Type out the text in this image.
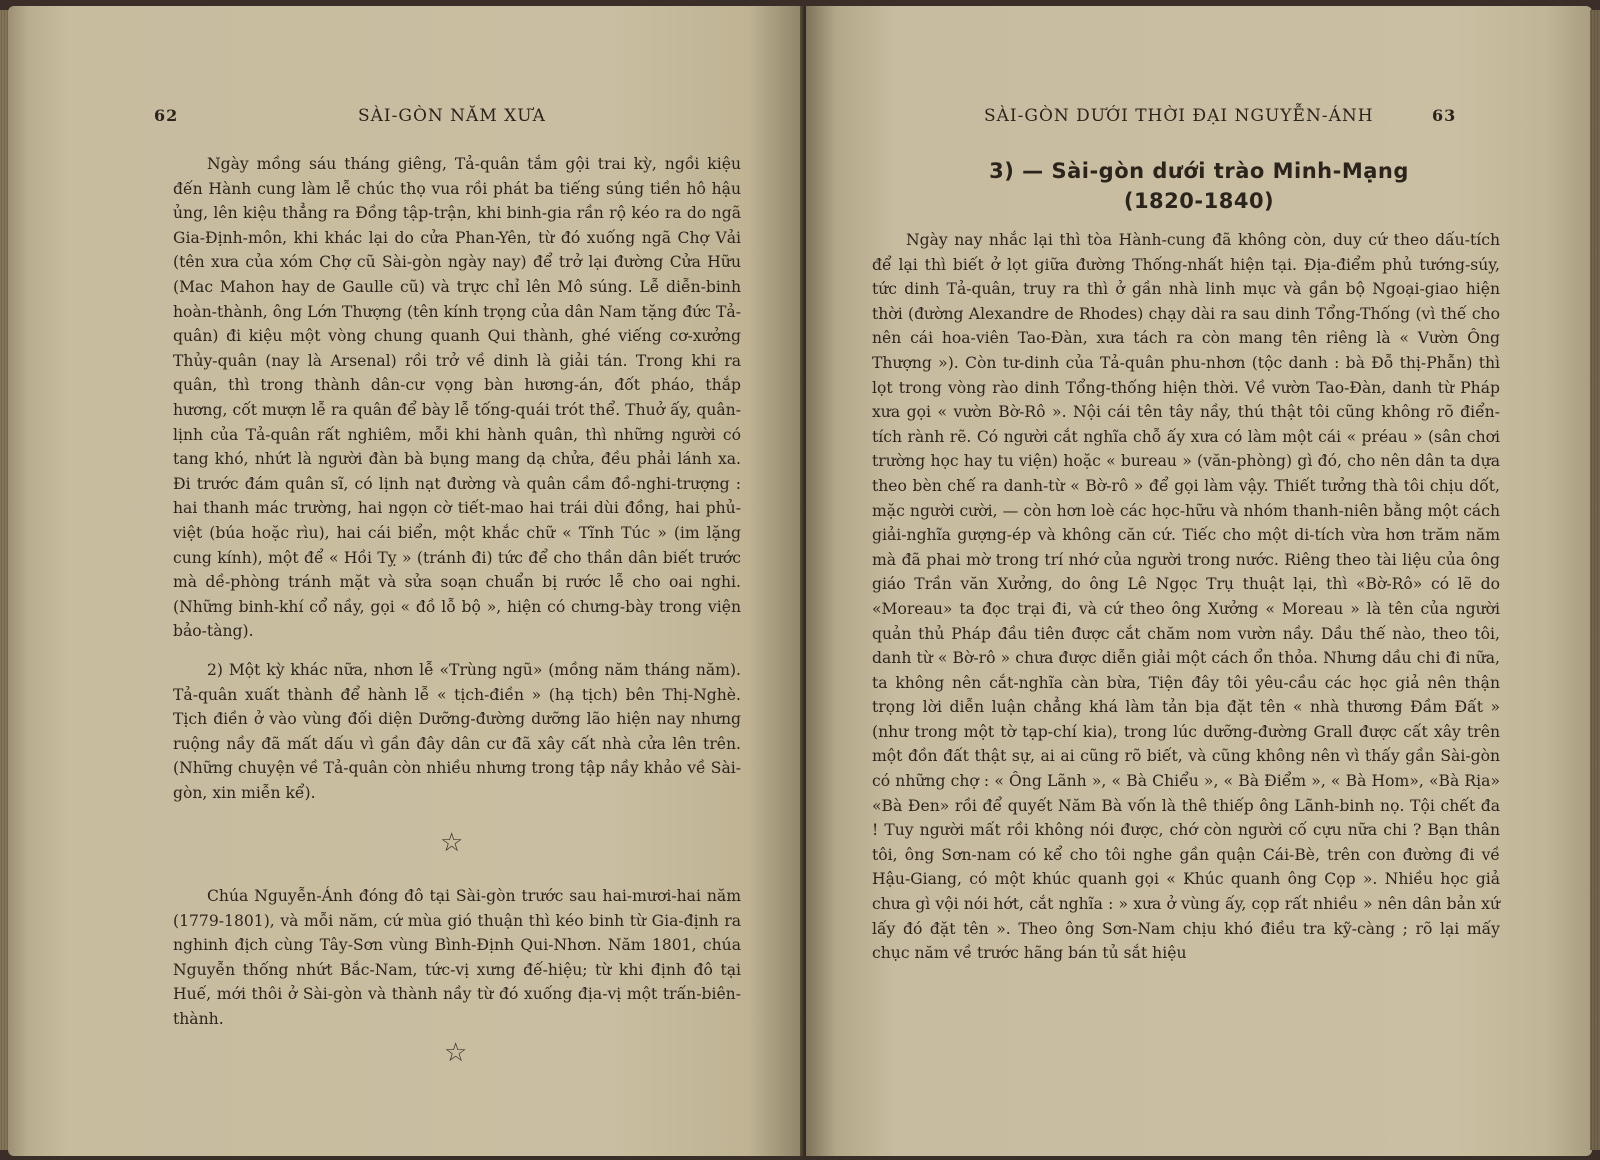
62	SÀI-GÒN NĂM XƯA

Ngày mồng sáu tháng giêng, Tả-quân tắm gội trai kỳ, ngồi kiệu đến Hành cung làm lễ chúc thọ vua rồi phát ba tiếng súng tiền hô hậu ủng, lên kiệu thẳng ra Đồng tập-trận, khi binh-gia rần rộ kéo ra do ngã Gia-Định-môn, khi khác lại do cửa Phan-Yên, từ đó xuống ngã Chợ Vải (tên xưa của xóm Chợ cũ Sài-gòn ngày nay) để trở lại đường Cửa Hữu (Mac Mahon hay de Gaulle cũ) và trực chỉ lên Mô súng. Lễ diễn-binh hoàn-thành, ông Lớn Thượng (tên kính trọng của dân Nam tặng đức Tả-quân) đi kiệu một vòng chung quanh Qui thành, ghé viếng cơ-xưởng Thủy-quân (nay là Arsenal) rồi trở về dinh là giải tán. Trong khi ra quân, thì trong thành dân-cư vọng bàn hương-án, đốt pháo, thắp hương, cốt mượn lễ ra quân để bày lễ tống-quái trót thể. Thuở ấy, quân-lịnh của Tả-quân rất nghiêm, mỗi khi hành quân, thì những người có tang khó, nhứt là người đàn bà bụng mang dạ chửa, đều phải lánh xa. Đi trước đám quân sĩ, có lịnh nạt đường và quân cầm đồ-nghi-trượng : hai thanh mác trường, hai ngọn cờ tiết-mao hai trái dùi đồng, hai phủ-việt (búa hoặc rìu), hai cái biển, một khắc chữ « Tĩnh Túc » (im lặng cung kính), một để « Hồi Tỵ » (tránh đi) tức để cho thần dân biết trước mà dề-phòng tránh mặt và sửa soạn chuẩn bị rước lễ cho oai nghi. (Những binh-khí cổ nầy, gọi « đồ lỗ bộ », hiện có chưng-bày trong viện bảo-tàng).

2) Một kỳ khác nữa, nhơn lễ «Trùng ngũ» (mồng năm tháng năm). Tả-quân xuất thành để hành lễ « tịch-điền » (hạ tịch) bên Thị-Nghè. Tịch điền ở vào vùng đối diện Dưỡng-đường dưỡng lão hiện nay nhưng ruộng nầy đã mất dấu vì gần đây dân cư đã xây cất nhà cửa lên trên. (Những chuyện về Tả-quân còn nhiều nhưng trong tập nầy khảo về Sài-gòn, xin miễn kể).

☆

Chúa Nguyễn-Ánh đóng đô tại Sài-gòn trước sau hai-mươi-hai năm (1779-1801), và mỗi năm, cứ mùa gió thuận thì kéo binh từ Gia-định ra nghinh địch cùng Tây-Sơn vùng Bình-Định Qui-Nhơn. Năm 1801, chúa Nguyễn thống nhứt Bắc-Nam, tức-vị xưng đế-hiệu; từ khi định đô tại Huế, mới thôi ở Sài-gòn và thành nầy từ đó xuống địa-vị một trấn-biên-thành.

☆
SÀI-GÒN DƯỚI THỜI ĐẠI NGUYỄN-ÁNH	63
3) — Sài-gòn dưới trào Minh-Mạng
(1820-1840)

Ngày nay nhắc lại thì tòa Hành-cung đã không còn, duy cứ theo dấu-tích để lại thì biết ở lọt giữa đường Thống-nhất hiện tại. Địa-điểm phủ tướng-súy, tức dinh Tả-quân, truy ra thì ở gần nhà linh mục và gần bộ Ngoại-giao hiện thời (đường Alexandre de Rhodes) chạy dài ra sau dinh Tổng-Thống (vì thế cho nên cái hoa-viên Tao-Đàn, xưa tách ra còn mang tên riêng là « Vườn Ông Thượng »). Còn tư-dinh của Tả-quân phu-nhơn (tộc danh : bà Đỗ thị-Phẫn) thì lọt trong vòng rào dinh Tổng-thống hiện thời. Về vườn Tao-Đàn, danh từ Pháp xưa gọi « vườn Bờ-Rô ». Nội cái tên tây nầy, thú thật tôi cũng không rõ điển-tích rành rẽ. Có người cắt nghĩa chỗ ấy xưa có làm một cái « préau » (sân chơi trường học hay tu viện) hoặc « bureau » (văn-phòng) gì đó, cho nên dân ta dựa theo bèn chế ra danh-từ « Bờ-rô » để gọi làm vậy. Thiết tưởng thà tôi chịu dốt, mặc người cười, — còn hơn loè các học-hữu và nhóm thanh-niên bằng một cách giải-nghĩa gượng-ép và không căn cứ. Tiếc cho một di-tích vừa hơn trăm năm mà đã phai mờ trong trí nhớ của người trong nước. Riêng theo tài liệu của ông giáo Trần văn Xưởng, do ông Lê Ngọc Trụ thuật lại, thì «Bờ-Rô» có lẽ do «Moreau» ta đọc trại đi, và cứ theo ông Xưởng « Moreau » là tên của người quản thủ Pháp đầu tiên được cắt chăm nom vườn nầy. Dầu thế nào, theo tôi, danh từ « Bờ-rô » chưa được diễn giải một cách ổn thỏa. Nhưng dầu chi đi nữa, ta không nên cắt-nghĩa càn bừa, Tiện đây tôi yêu-cầu các học giả nên thận trọng lời diễn luận chẳng khá làm tản bịa đặt tên « nhà thương Đầm Đất » (như trong một tờ tạp-chí kia), trong lúc dưỡng-đường Grall được cất xây trên một đồn đất thật sự, ai ai cũng rõ biết, và cũng không nên vì thấy gần Sài-gòn có những chợ : « Ông Lãnh », « Bà Chiểu », « Bà Điểm », « Bà Hom», «Bà Rịa» «Bà Đen» rồi để quyết Năm Bà vốn là thê thiếp ông Lãnh-binh nọ. Tội chết đa ! Tuy người mất rồi không nói được, chớ còn người cố cựu nữa chi ? Bạn thân tôi, ông Sơn-nam có kể cho tôi nghe gần quận Cái-Bè, trên con đường đi về Hậu-Giang, có một khúc quanh gọi « Khúc quanh ông Cọp ». Nhiều học giả chưa gì vội nói hớt, cắt nghĩa : » xưa ở vùng ấy, cọp rất nhiều » nên dân bản xứ lấy đó đặt tên ». Theo ông Sơn-Nam chịu khó điều tra kỹ-càng ; rõ lại mấy chục năm về trước hãng bán tủ sắt hiệu
